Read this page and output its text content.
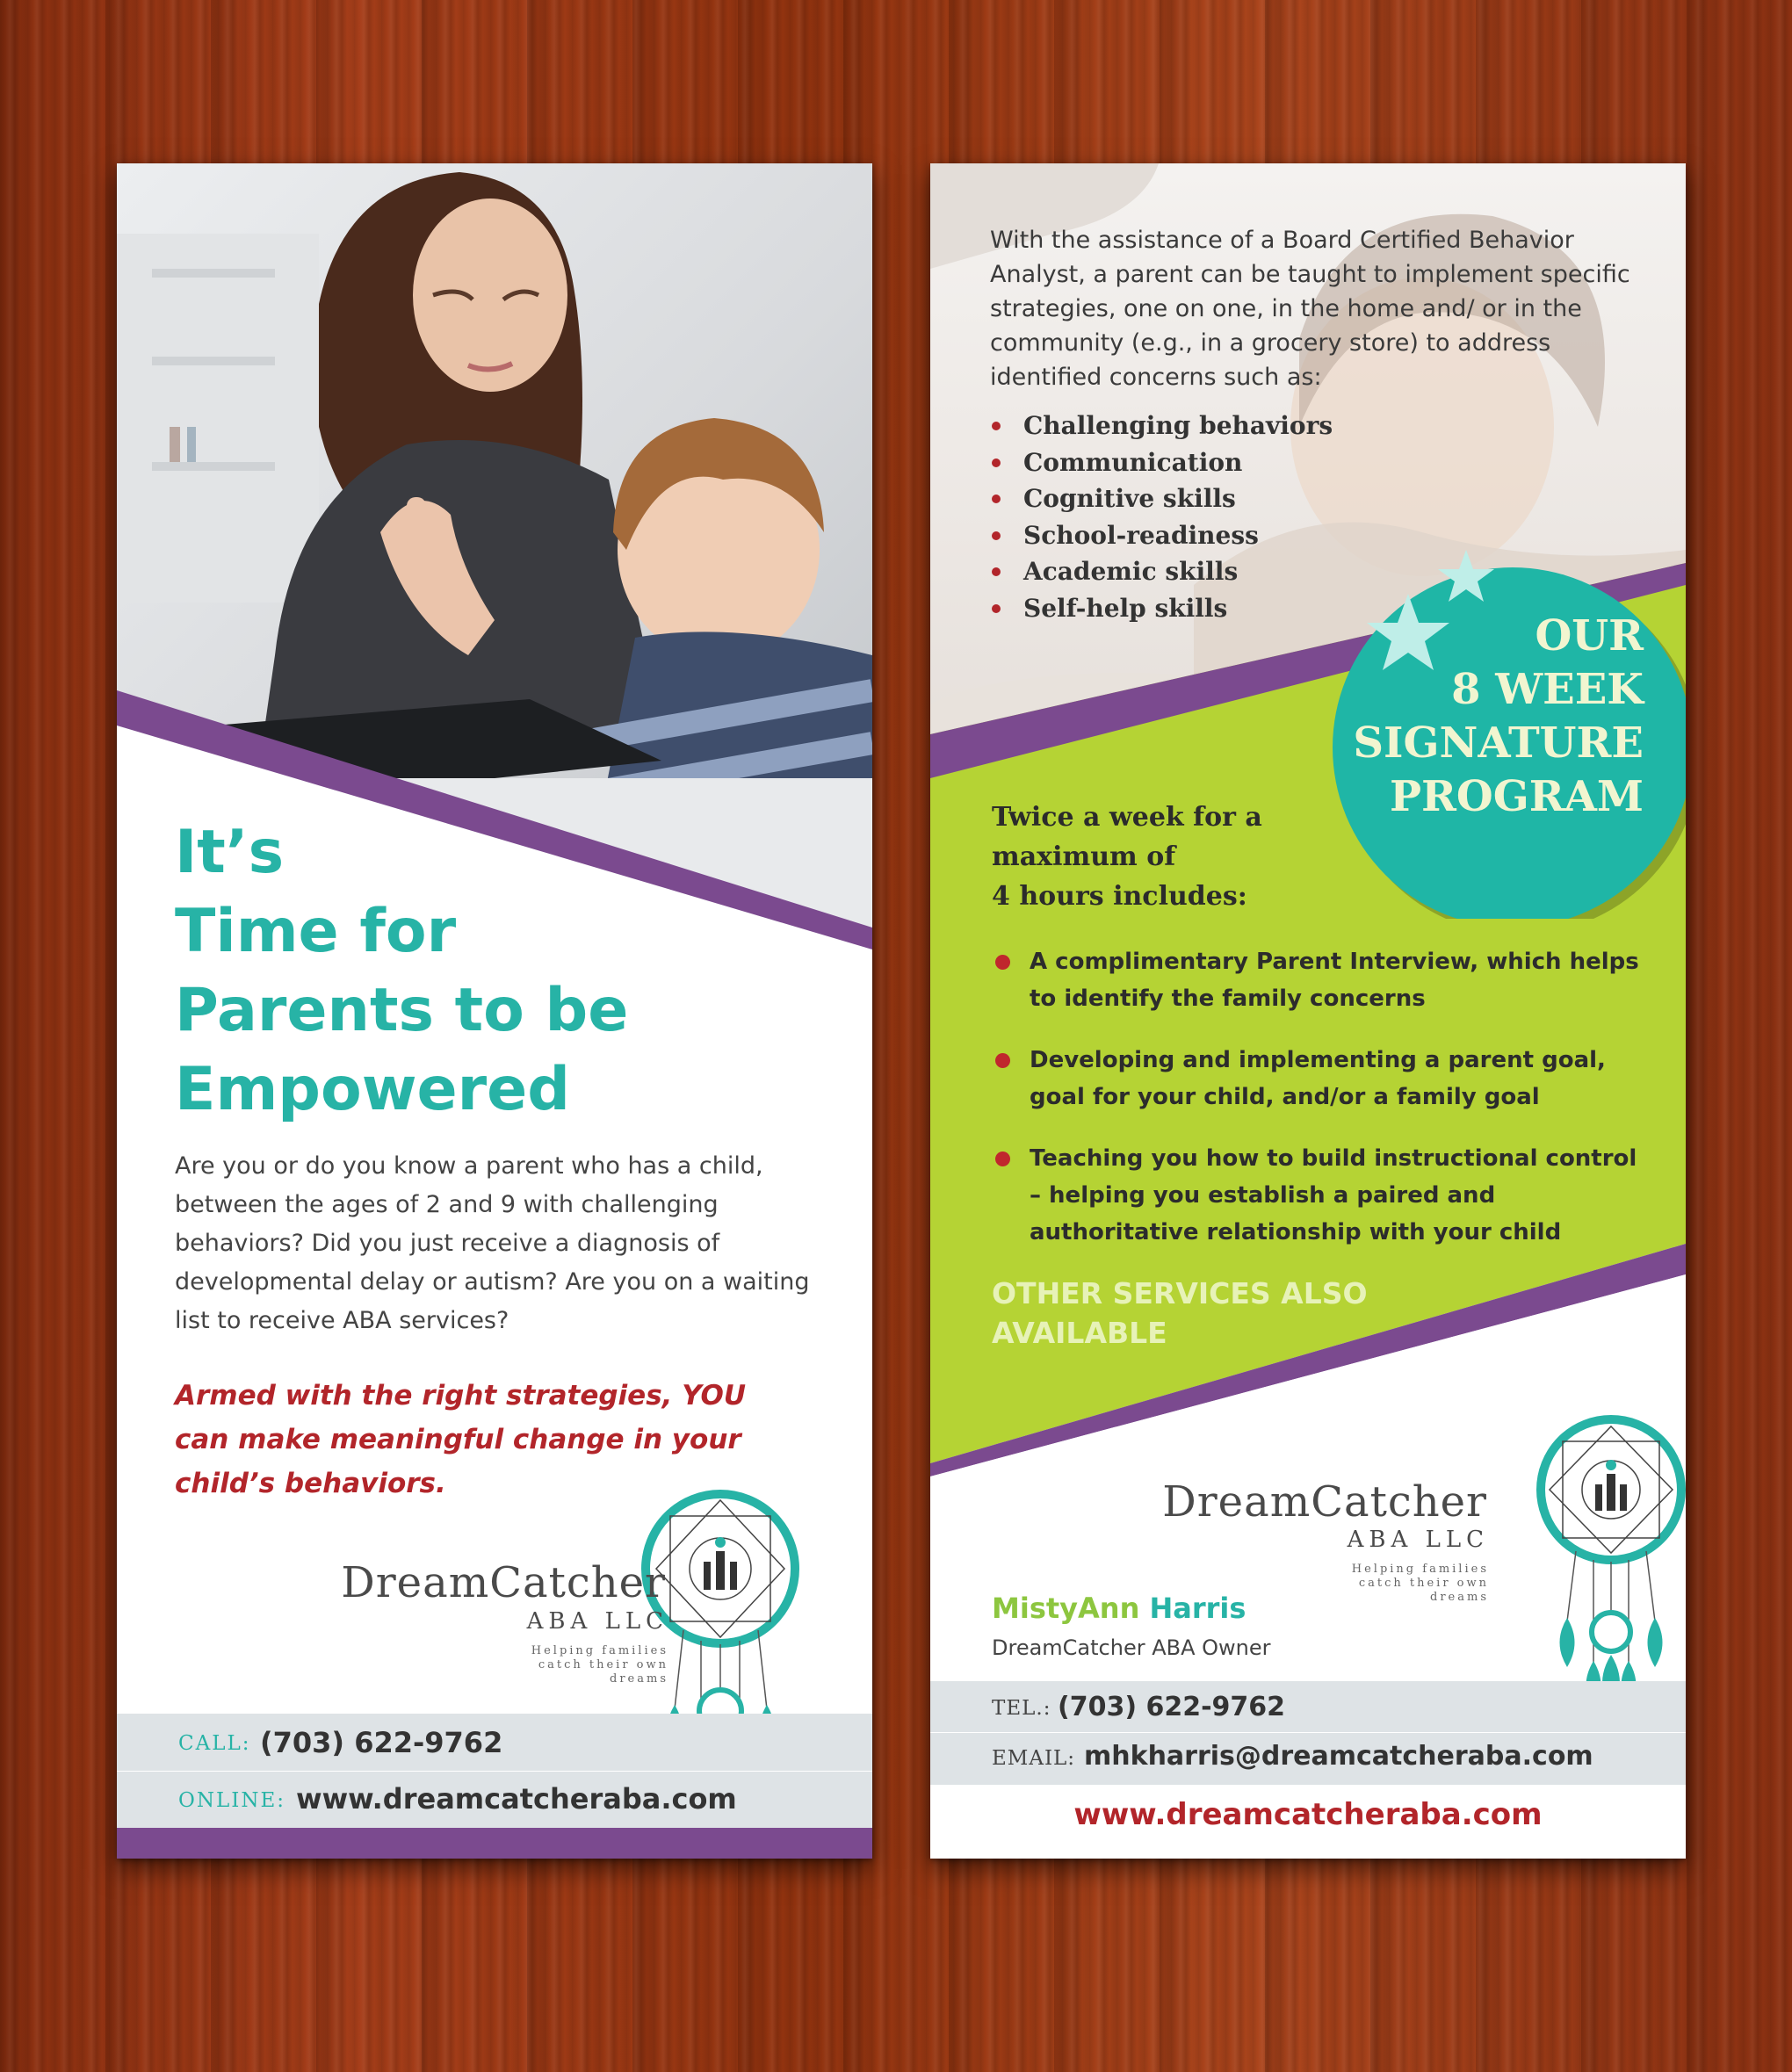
It’s
Time for
Parents to be
Empowered

Are you or do you know a parent who has a child, between the ages of 2 and 9 with challenging behaviors? Did you just receive a diagnosis of developmental delay or autism? Are you on a waiting list to receive ABA services?

Armed with the right strategies, YOU can make meaningful change in your child’s behaviors.

DreamCatcher
ABA LLC
Helping families
catch their own
dreams
CALL: (703) 622-9762
ONLINE: www.dreamcatcheraba.com

With the assistance of a Board Certified Behavior Analyst, a parent can be taught to implement specific strategies, one on one, in the home and/ or in the community (e.g., in a grocery store) to address identified concerns such as:

Challenging behaviors
Communication
Cognitive skills
School-readiness
Academic skills
Self-help skills

OUR
8 WEEK
SIGNATURE
PROGRAM

Twice a week for a
maximum of
4 hours includes:

A complimentary Parent Interview, which helps to identify the family concerns
Developing and implementing a parent goal, goal for your child, and/or a family goal
Teaching you how to build instructional control – helping you establish a paired and authoritative relationship with your child

OTHER SERVICES ALSO
AVAILABLE

DreamCatcher
ABA LLC
Helping families
catch their own
dreams

MistyAnn Harris

DreamCatcher ABA Owner
TEL.: (703) 622-9762
EMAIL: mhkharris@dreamcatcheraba.com
www.dreamcatcheraba.com
